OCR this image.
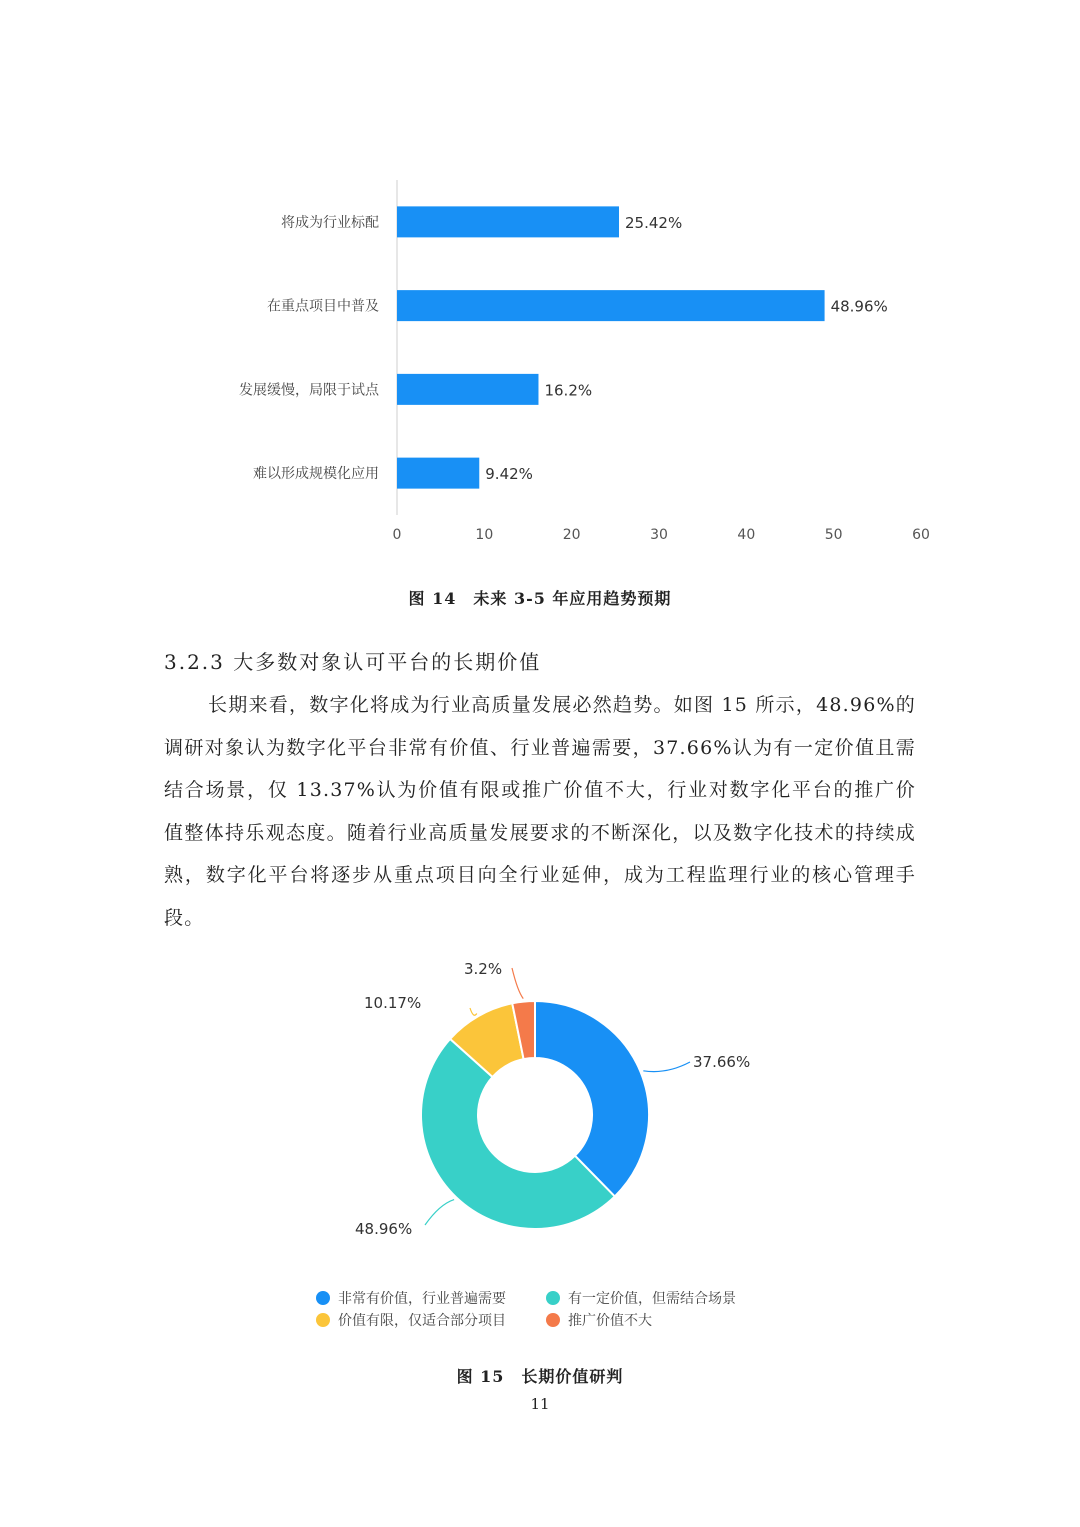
将成为行业标配	25.42%
在重点项目中普及	48.96%
发展缓慢，局限于试点	16.2%
难以形成规模化应用	9.42%
0	10	20	30	40	50	60
图 14　未来 3-5 年应用趋势预期
3.2.3 大多数对象认可平台的长期价值
长期来看，数字化将成为行业高质量发展必然趋势。如图 15 所示，48.96%的调研对象认为数字化平台非常有价值、行业普遍需要，37.66%认为有一定价值且需结合场景，仅 13.37%认为价值有限或推广价值不大，行业对数字化平台的推广价值整体持乐观态度。随着行业高质量发展要求的不断深化，以及数字化技术的持续成熟，数字化平台将逐步从重点项目向全行业延伸，成为工程监理行业的核心管理手段。
37.66%
48.96%
10.17%
3.2%
非常有价值，行业普遍需要	有一定价值，但需结合场景
价值有限，仅适合部分项目	推广价值不大
图 15　长期价值研判
11
